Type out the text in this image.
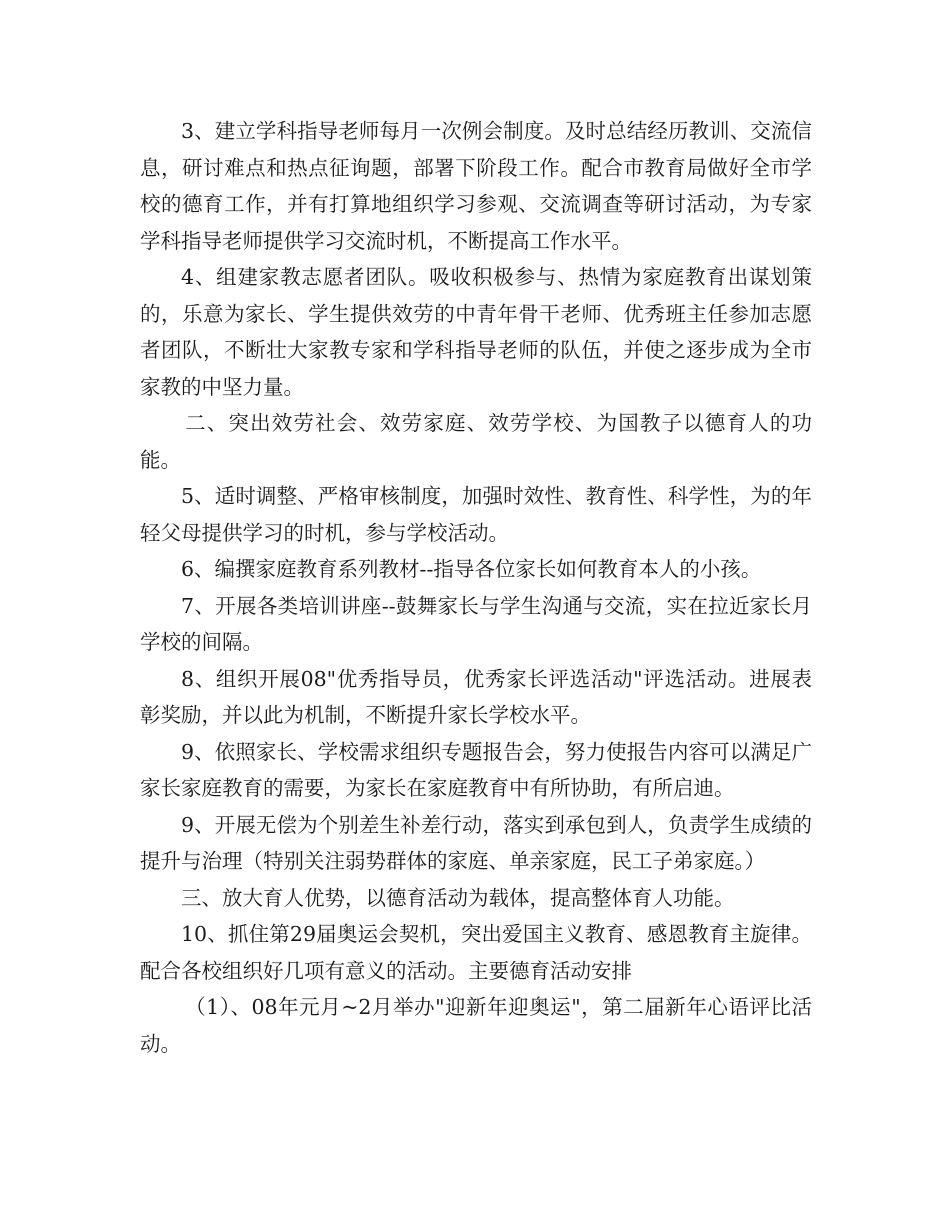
3、建立学科指导老师每月一次例会制度。及时总结经历教训、交流信息，研讨难点和热点征询题，部署下阶段工作。配合市教育局做好全市学校的德育工作，并有打算地组织学习参观、交流调查等研讨活动，为专家学科指导老师提供学习交流时机，不断提高工作水平。

4、组建家教志愿者团队。吸收积极参与、热情为家庭教育出谋划策的，乐意为家长、学生提供效劳的中青年骨干老师、优秀班主任参加志愿者团队，不断壮大家教专家和学科指导老师的队伍，并使之逐步成为全市家教的中坚力量。

二、突出效劳社会、效劳家庭、效劳学校、为国教子以德育人的功能。

5、适时调整、严格审核制度，加强时效性、教育性、科学性，为的年轻父母提供学习的时机，参与学校活动。

6、编撰家庭教育系列教材--指导各位家长如何教育本人的小孩。

7、开展各类培训讲座--鼓舞家长与学生沟通与交流，实在拉近家长月学校的间隔。

8、组织开展08"优秀指导员，优秀家长评选活动"评选活动。进展表彰奖励，并以此为机制，不断提升家长学校水平。

9、依照家长、学校需求组织专题报告会，努力使报告内容可以满足广家长家庭教育的需要，为家长在家庭教育中有所协助，有所启迪。

9、开展无偿为个别差生补差行动，落实到承包到人，负责学生成绩的提升与治理（特别关注弱势群体的家庭、单亲家庭，民工子弟家庭。）

三、放大育人优势，以德育活动为载体，提高整体育人功能。

10、抓住第29届奥运会契机，突出爱国主义教育、感恩教育主旋律。配合各校组织好几项有意义的活动。主要德育活动安排

（1）、08年元月~2月举办"迎新年迎奥运"，第二届新年心语评比活动。
